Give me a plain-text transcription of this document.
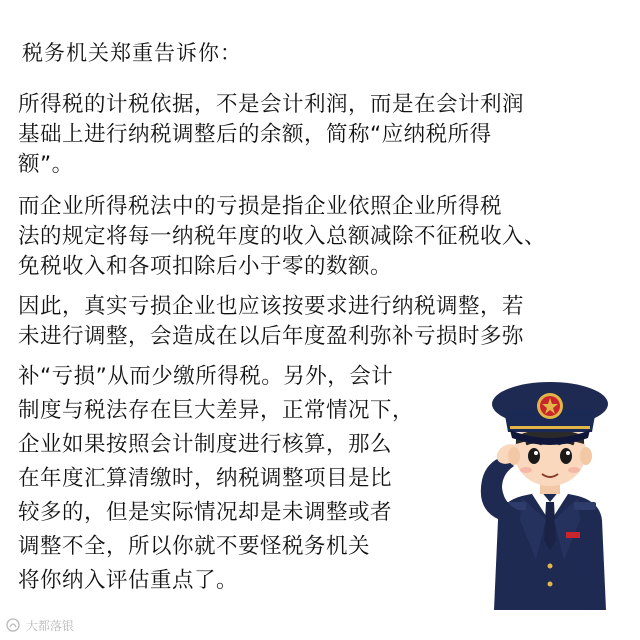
税务机关郑重告诉你：

所得税的计税依据，不是会计利润，而是在会计利润

基础上进行纳税调整后的余额，简称“应纳税所得

额”。

而企业所得税法中的亏损是指企业依照企业所得税

法的规定将每一纳税年度的收入总额减除不征税收入、

免税收入和各项扣除后小于零的数额。

因此，真实亏损企业也应该按要求进行纳税调整，若

未进行调整，会造成在以后年度盈利弥补亏损时多弥

补“亏损”从而少缴所得税。另外，会计

制度与税法存在巨大差异，正常情况下，

企业如果按照会计制度进行核算，那么

在年度汇算清缴时，纳税调整项目是比

较多的，但是实际情况却是未调整或者

调整不全，所以你就不要怪税务机关

将你纳入评估重点了。

大都落银
